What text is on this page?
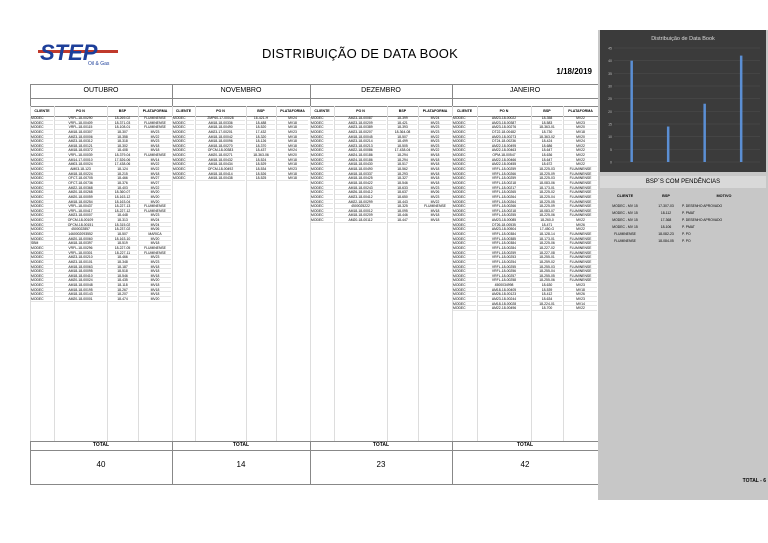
STEP
Oil & Gas
DISTRIBUIÇÃO DE DATA BOOK
1/18/2019
OUTUBRO
CLIENTE
MODEC
MODEC
MODEC
MODEC
MODEC
MODEC
MODEC
MODEC
MODEC
MODEC
MODEC
MODEC
MODEC
MODEC
MODEC
MODEC
MODEC
MODEC
MODEC
MODEC
MODEC
MODEC
MODEC
MODEC
MODEC
MODEC
MODEC
SBM
MODEC
MODEC
MODEC
MODEC
MODEC
MODEC
MODEC
MODEC
MODEC
MODEC
MODEC
MODEC
PO N
VRFL-18-00290
VRFL-18-00409
VRFL-18-00115
AM18-18-00307
AM23-18-00006
AM23-18-00312
AM18-18-00121
AM18-18-00372
VRFL-18-00039
AM14-17-00010
AM03-18-00024
AM03-18-123
AM18-18-00224
OFCT-18-00705
OFCT-18-00736
AM22-18-00368
AM20-18-00268
AM20-18-00059
AM18-18-00254
VRFL-18-00437
VRFL-18-00417
AM23-18-00007
OFCM-18-00109
OFCM-18-00151
4500022857
1460002093552
AM20-18-00060
AM18-18-00397
VRFL-18-00296
VRFL-18-00301
AM23-18-00210
AM23-18-00101
AM18-18-00063
AM18-18-00095
AM18-18-00410
AM20-18-00024
AM18-18-00048
AM18-18-00195
AM18-18-00143
AM20-18-00001
BSP
18-269-02
18-371-03
18-108-01
18-307
18-358
18-318
18-302
18-408
18-379-04
17-526-06
17-438-06
18-124
18-215
18-466
18-376
18-403
18-360-07
18-163-12
18-163-04
18-227-13
18-227-12
18-448
18-313
18-315-02
18-237-02
18-507
18-163-10
18-519
18-227-05
18-227-11
18-466
18-348
18-187
18-518
18-546
18-435
18-118
18-267
18-207
18-474
PLATAFORMA
FLUMINENSE
FLUMINENSE
FLUMINENSE
MV23
MV22
MV23
MV18
MV18
FLUMINENSE
MV14
MV22
MV22
MV18
MV27
MV27
MV22
MV20
MV20
MV20
FLUMINENSE
FLUMINENSE
MV23
MV24
MV24
MV26
MARICA
MV20
MV18
FLUMINENSE
FLUMINENSE
MV23
MV23
MV18
MV18
MV18
MV20
MV18
MV18
MV18
MV20
TOTAL
40
NOVEMBRO
CLIENTE
MODEC
MODEC
MODEC
MODEC
MODEC
MODEC
MODEC
MODEC
MODEC
MODEC
MODEC
MODEC
MODEC
MODEC
PO N
2MP60-17-00028
AM18-18-00336
AM18-18-00490
AM23-17-00201
AM18-18-00042
AM18-18-00096
AM18-18-00270
OFCM-18-00383
AM20-18-00271
AM18-18-00432
AM18-18-00434
OFCM-18-00492
AM18-18-00414
AM18-18-00438
BSP
16-421-H
18-488
18-520
17-432
18-320
18-126
18-370
18-437
18-363-06
18-524
18-529
18-534
18-526
18-525
PLATAFORMA
MV24
MV18
MV18
MV23
MV18
MV18
MV18
MV24
MV20
MV18
MV18
MV23
MV18
MV18
TOTAL
14
DEZEMBRO
CLIENTE
MODEC
MODEC
MODEC
MODEC
MODEC
MODEC
MODEC
MODEC
MODEC
MODEC
MODEC
MODEC
MODEC
MODEC
MODEC
MODEC
MODEC
MODEC
MODEC
MODEC
MODEC
MODEC
MODEC
PO N
AM23-18-00087
AM23-18-00209
AM23-18-00389
AM23-18-00207
AM18-18-00045
AM23-18-00214
AM23-18-00213
AM22-18-00086
AM24-18-00186
AM24-18-00186
AM18-18-00430
AM18-18-00490
AM18-18-00337
AM18-18-00425
AM18-18-00422
AM18-18-00243
AM26-18-00412
AM23-18-00412
AM22-18-00299
4500025222
AM18-18-00012
AM18-18-00209
AM20-18-00112
BSP
18-399
18-421
18-393
18-364-08
18-507
18-499
18-505
17-438-04
18-294
18-294
18-517
18-562
18-293
18-327
18-546
18-633
18-637
18-650
18-443
18-325
18-095
18-446
18-447
PLATAFORMA
MV24
MV23
MV23
MV23
MV22
MV23
MV23
MV22
MV18
MV18
MV18
MV18
MV18
MV18
MV18
MV23
MV26
MV23
MV22
FLUMINENSE
MV18
MV18
MV18
TOTAL
23
JANEIRO
CLIENTE
MODEC
MODEC
MODEC
MODEC
MODEC
MODEC
MODEC
MODEC
MODEC
MODEC
MODEC
MODEC
MODEC
MODEC
MODEC
MODEC
MODEC
MODEC
MODEC
MODEC
MODEC
MODEC
MODEC
MODEC
MODEC
MODEC
MODEC
MODEC
MODEC
MODEC
MODEC
MODEC
MODEC
MODEC
MODEC
MODEC
MODEC
MODEC
MODEC
MODEC
MODEC
MODEC
PO N
AM23-18-00022
AM23-18-00387
AM23-18-00276
DT22-18-00482
AM20-18-00273
DT24-18-00236
AM22-18-00495
AM22-18-00463
OPM-18-00547
AM22-18-00466
AM22-18-00455
VRFL-18-00259
VRFL-18-00266
VRFL-18-00259
VRFL-18-00218
VRFL-18-00217
VRFL-18-00265
VRFL-18-00264
VRFL-18-00264
VRFL-18-00266
VRFL-18-00218
VRFL-18-00255
AM23-18-00085
DT26-18-00535
AM23-18-00504
VRFL-18-00384
VRFL-18-00385
VRFL-18-00384
VRFL-18-00284
VRFL-18-00259
VRFL-18-00253
VRFL-18-00254
VRFL-18-00255
VRFL-18-00256
VRFL-18-00257
VRFL-18-00258
4500034998
AM18-18-00405
AM26-18-00123
AM23-18-00244
AM18-18-00028
AM22-18-00496
BSP
18-358
18-583
18-363-01
18-730
18-363-02
18-424
18-686
18-647
18-636
18-647
18-672
18-225-03
18-225-09
18-225-03
18-083-06
18-173-01
18-225-02
18-225-04
18-225-05
18-225-09
18-083-07
18-225-06
18-260-0
18-471
17-450-G
18-128-14
18-173-01
18-225-06
18-227-02
18-227-08
18-255-01
18-259-02
18-255-03
18-255-04
18-255-05
18-255-06
18-630
18-539
18-412
18-634
18-224-01
18-700
PLATAFORMA
MV22
MV23
MV20
MV18
MV20
MV24
MV22
MV22
MV22
MV22
MV22
FLUMINENSE
FLUMINENSE
FLUMINENSE
FLUMINENSE
FLUMINENSE
FLUMINENSE
FLUMINENSE
FLUMINENSE
FLUMINENSE
FLUMINENSE
FLUMINENSE
MV22
MV26
MV22
FLUMINENSE
FLUMINENSE
FLUMINENSE
FLUMINENSE
FLUMINENSE
FLUMINENSE
FLUMINENSE
FLUMINENSE
FLUMINENSE
FLUMINENSE
FLUMINENSE
MV23
MV18
MV26
MV23
MV14
MV22
TOTAL
42
Distribuição de Data Book
0
5
10
15
20
25
30
35
40
45
BSP´S COM PENDÊNCIAS
CLIENTE	BSP	MOTIVO
MODEC - MV 15
MODEC - MV 15
MODEC - MV 15
MODEC - MV 15
FLUMINENSE
FLUMINENSE
17-307-03
18-112
17-368
18-106
18-082-23
18-084-05
P. DESENHO APROVADO
P. PMAT
P. DESENHO APROVADO
P. PMAT
P. PO
P. PO
TOTAL - 6
